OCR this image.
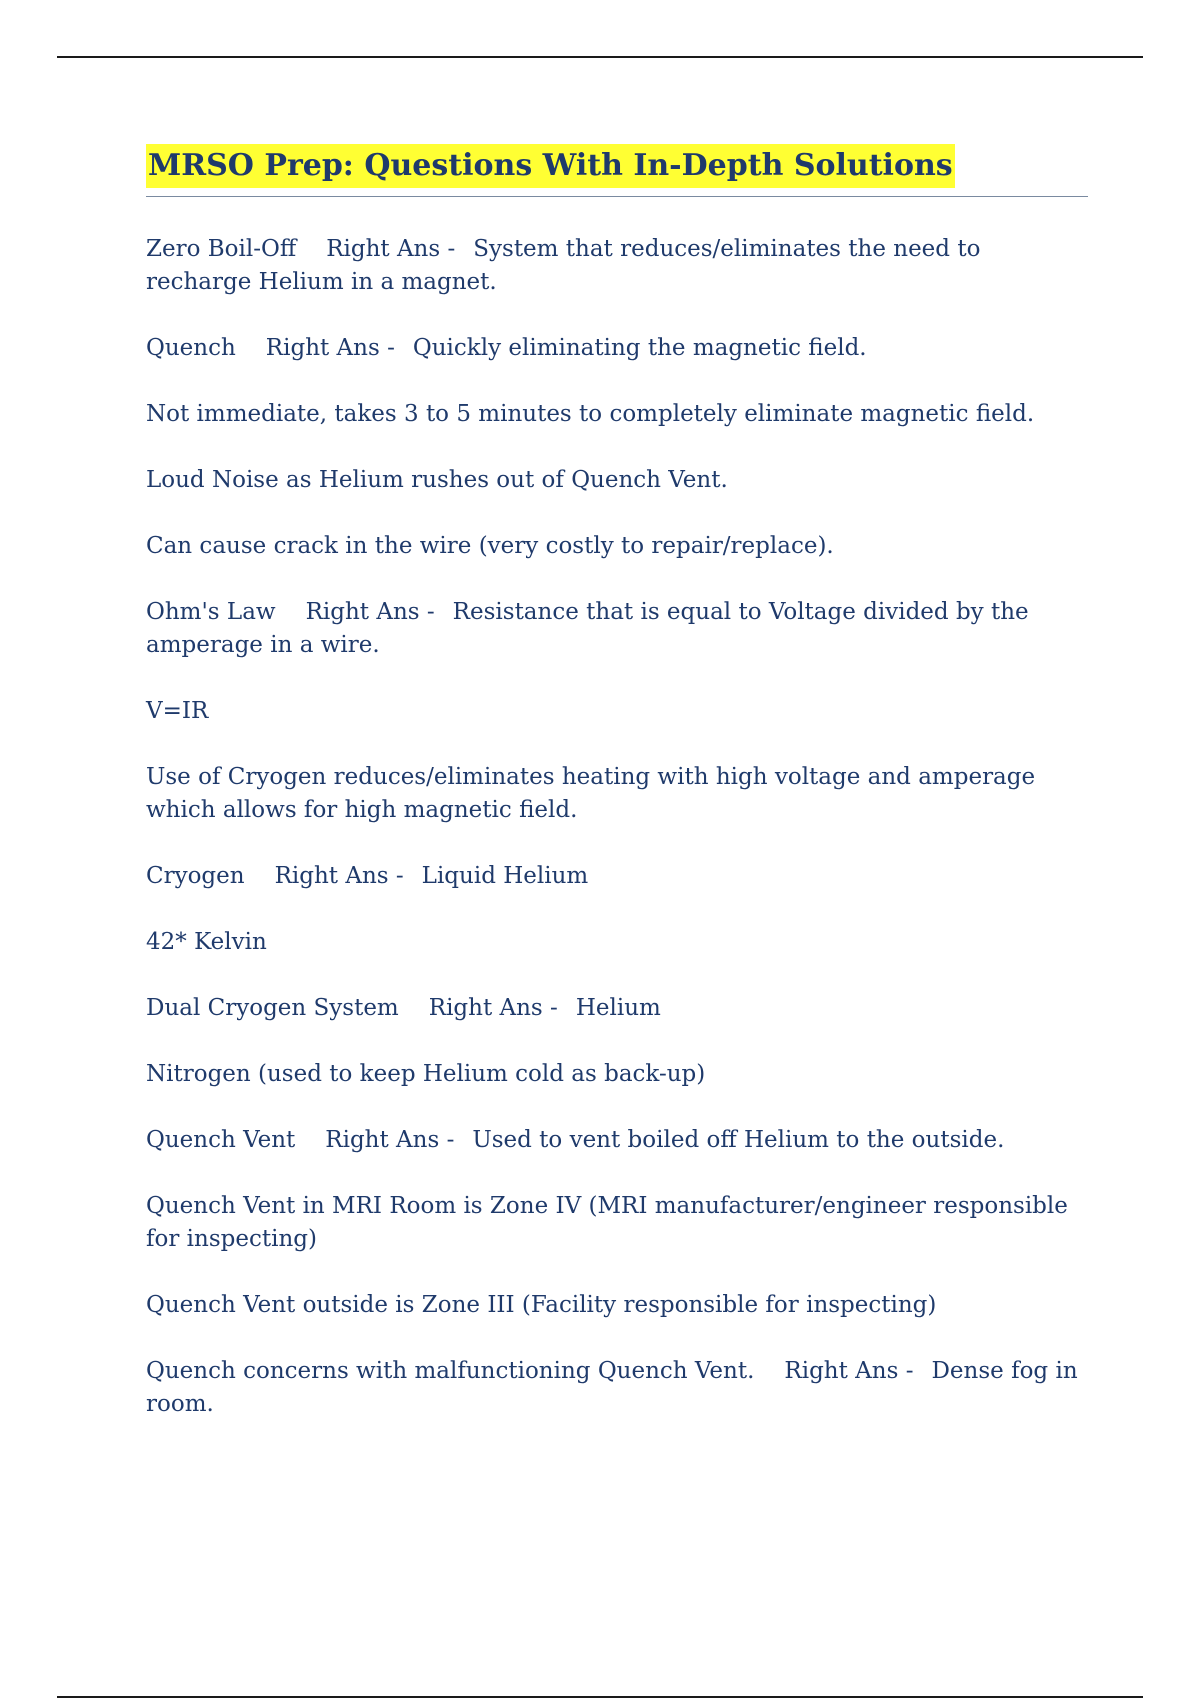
MRSO Prep: Questions With In-Depth Solutions

Zero Boil-Off Right Ans - System that reduces/eliminates the need to recharge Helium in a magnet.

Quench Right Ans - Quickly eliminating the magnetic field.

Not immediate, takes 3 to 5 minutes to completely eliminate magnetic field.

Loud Noise as Helium rushes out of Quench Vent.

Can cause crack in the wire (very costly to repair/replace).

Ohm's Law Right Ans - Resistance that is equal to Voltage divided by the amperage in a wire.

V=IR

Use of Cryogen reduces/eliminates heating with high voltage and amperage which allows for high magnetic field.

Cryogen Right Ans - Liquid Helium

42* Kelvin

Dual Cryogen System Right Ans - Helium

Nitrogen (used to keep Helium cold as back-up)

Quench Vent Right Ans - Used to vent boiled off Helium to the outside.

Quench Vent in MRI Room is Zone IV (MRI manufacturer/engineer responsible for inspecting)

Quench Vent outside is Zone III (Facility responsible for inspecting)

Quench concerns with malfunctioning Quench Vent. Right Ans - Dense fog in room.
